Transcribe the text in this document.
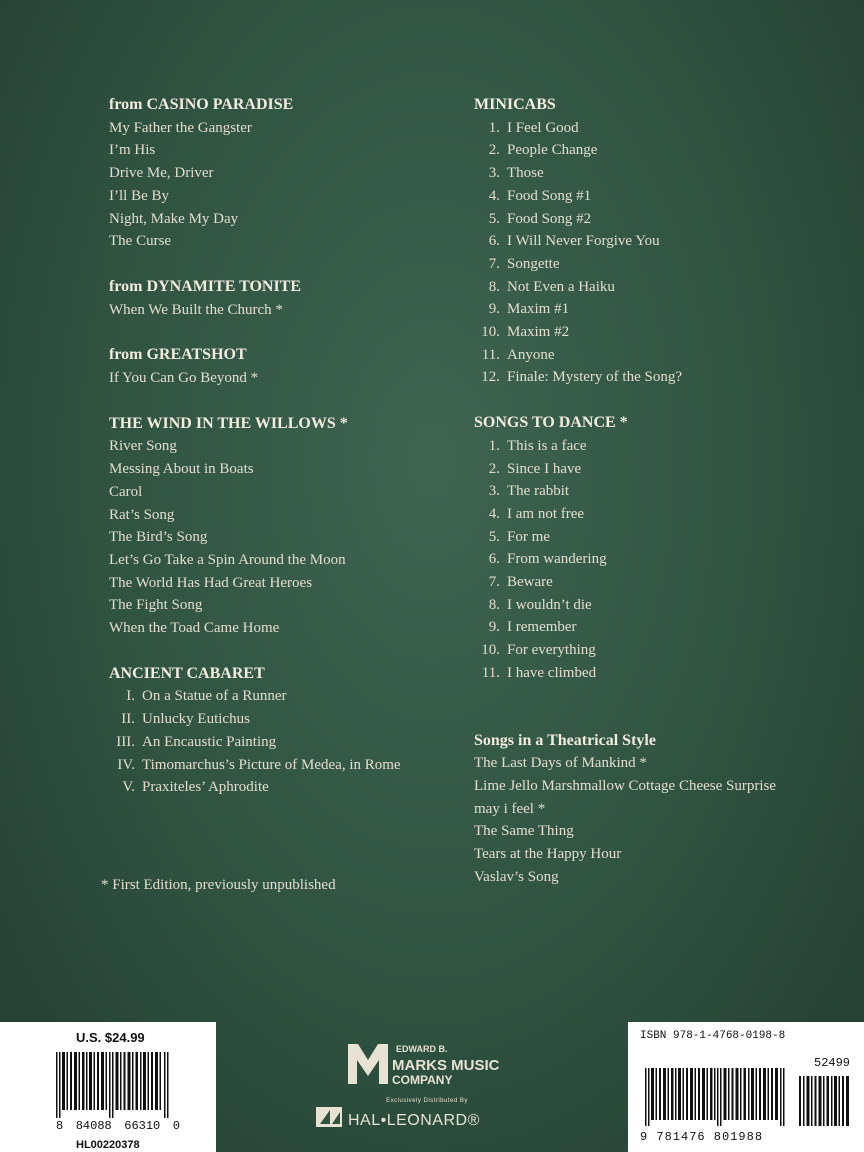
from CASINO PARADISE
My Father the Gangster
I’m His
Drive Me, Driver
I’ll Be By
Night, Make My Day
The Curse
from DYNAMITE TONITE
When We Built the Church *
from GREATSHOT
If You Can Go Beyond *
THE WIND IN THE WILLOWS *
River Song
Messing About in Boats
Carol
Rat’s Song
The Bird’s Song
Let’s Go Take a Spin Around the Moon
The World Has Had Great Heroes
The Fight Song
When the Toad Came Home
ANCIENT CABARET
I. On a Statue of a Runner
II. Unlucky Eutichus
III. An Encaustic Painting
IV. Timomarchus’s Picture of Medea, in Rome
V. Praxiteles’ Aphrodite
MINICABS
1. I Feel Good
2. People Change
3. Those
4. Food Song #1
5. Food Song #2
6. I Will Never Forgive You
7. Songette
8. Not Even a Haiku
9. Maxim #1
10. Maxim #2
11. Anyone
12. Finale: Mystery of the Song?
SONGS TO DANCE *
1. This is a face
2. Since I have
3. The rabbit
4. I am not free
5. For me
6. From wandering
7. Beware
8. I wouldn’t die
9. I remember
10. For everything
11. I have climbed
Songs in a Theatrical Style
The Last Days of Mankind *
Lime Jello Marshmallow Cottage Cheese Surprise
may i feel *
The Same Thing
Tears at the Happy Hour
Vaslav’s Song
* First Edition, previously unpublished
U.S. $24.99
8 84088 66310 0
HL00220378
EDWARD B.
MARKS MUSIC
COMPANY
Exclusively Distributed By
HAL•LEONARD®
ISBN 978-1-4768-0198-8
52499
9 781476 801988
